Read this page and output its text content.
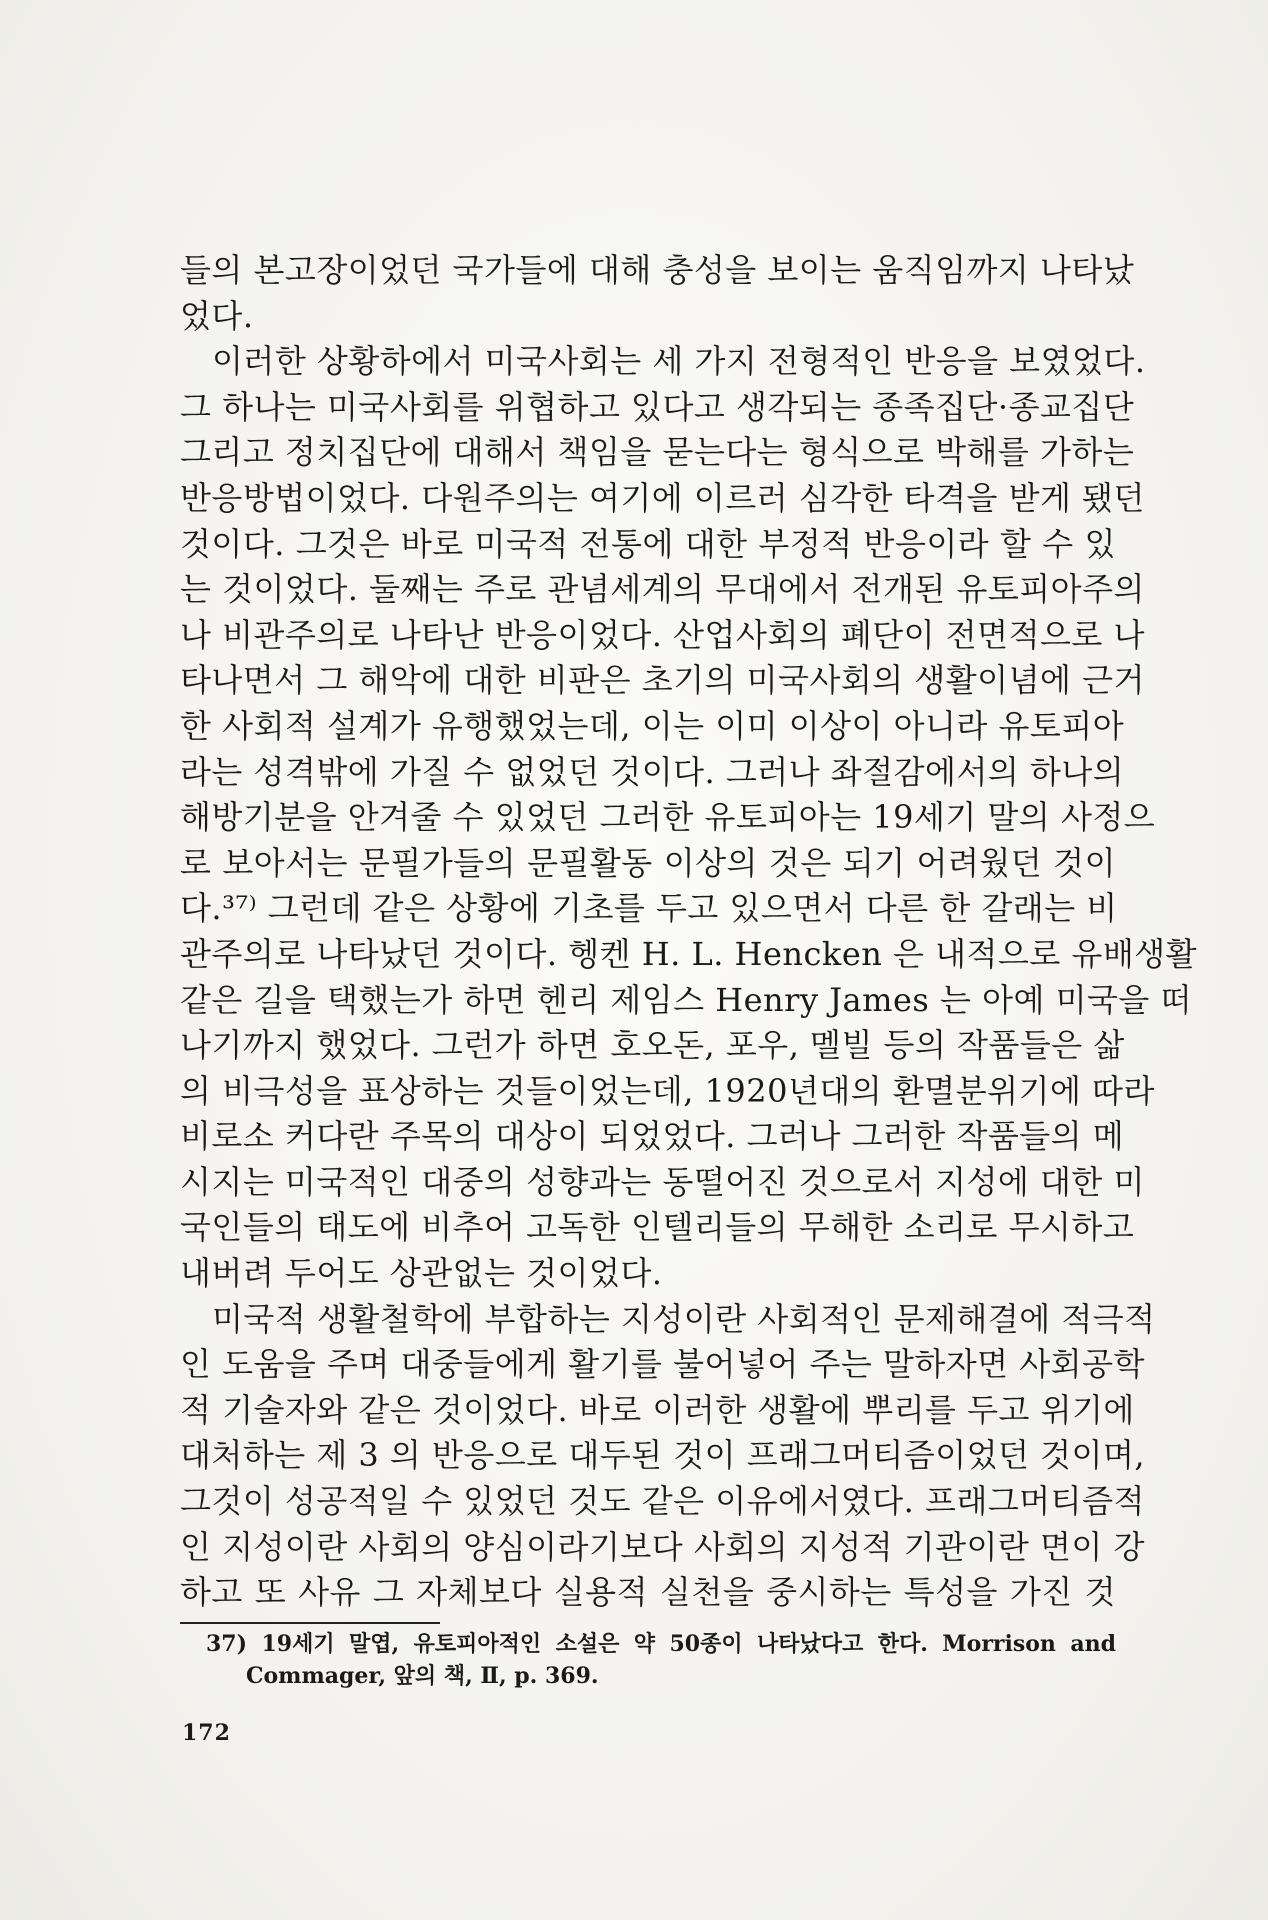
들의 본고장이었던 국가들에 대해 충성을 보이는 움직임까지 나타났
었다.
이러한 상황하에서 미국사회는 세 가지 전형적인 반응을 보였었다.
그 하나는 미국사회를 위협하고 있다고 생각되는 종족집단·종교집단
그리고 정치집단에 대해서 책임을 묻는다는 형식으로 박해를 가하는
반응방법이었다. 다원주의는 여기에 이르러 심각한 타격을 받게 됐던
것이다. 그것은 바로 미국적 전통에 대한 부정적 반응이라 할 수 있
는 것이었다. 둘째는 주로 관념세계의 무대에서 전개된 유토피아주의
나 비관주의로 나타난 반응이었다. 산업사회의 폐단이 전면적으로 나
타나면서 그 해악에 대한 비판은 초기의 미국사회의 생활이념에 근거
한 사회적 설계가 유행했었는데, 이는 이미 이상이 아니라 유토피아
라는 성격밖에 가질 수 없었던 것이다. 그러나 좌절감에서의 하나의
해방기분을 안겨줄 수 있었던 그러한 유토피아는 19세기 말의 사정으
로 보아서는 문필가들의 문필활동 이상의 것은 되기 어려웠던 것이
다.³⁷⁾ 그런데 같은 상황에 기초를 두고 있으면서 다른 한 갈래는 비
관주의로 나타났던 것이다. 헹켄 H. L. Hencken 은 내적으로 유배생활
같은 길을 택했는가 하면 헨리 제임스 Henry James 는 아예 미국을 떠
나기까지 했었다. 그런가 하면 호오돈, 포우, 멜빌 등의 작품들은 삶
의 비극성을 표상하는 것들이었는데, 1920년대의 환멸분위기에 따라
비로소 커다란 주목의 대상이 되었었다. 그러나 그러한 작품들의 메
시지는 미국적인 대중의 성향과는 동떨어진 것으로서 지성에 대한 미
국인들의 태도에 비추어 고독한 인텔리들의 무해한 소리로 무시하고
내버려 두어도 상관없는 것이었다.
미국적 생활철학에 부합하는 지성이란 사회적인 문제해결에 적극적
인 도움을 주며 대중들에게 활기를 불어넣어 주는 말하자면 사회공학
적 기술자와 같은 것이었다. 바로 이러한 생활에 뿌리를 두고 위기에
대처하는 제 3 의 반응으로 대두된 것이 프래그머티즘이었던 것이며,
그것이 성공적일 수 있었던 것도 같은 이유에서였다. 프래그머티즘적
인 지성이란 사회의 양심이라기보다 사회의 지성적 기관이란 면이 강
하고 또 사유 그 자체보다 실용적 실천을 중시하는 특성을 가진 것
37) 19세기 말엽, 유토피아적인 소설은 약 50종이 나타났다고 한다. Morrison and
Commager, 앞의 책, Ⅱ, p. 369.
172
